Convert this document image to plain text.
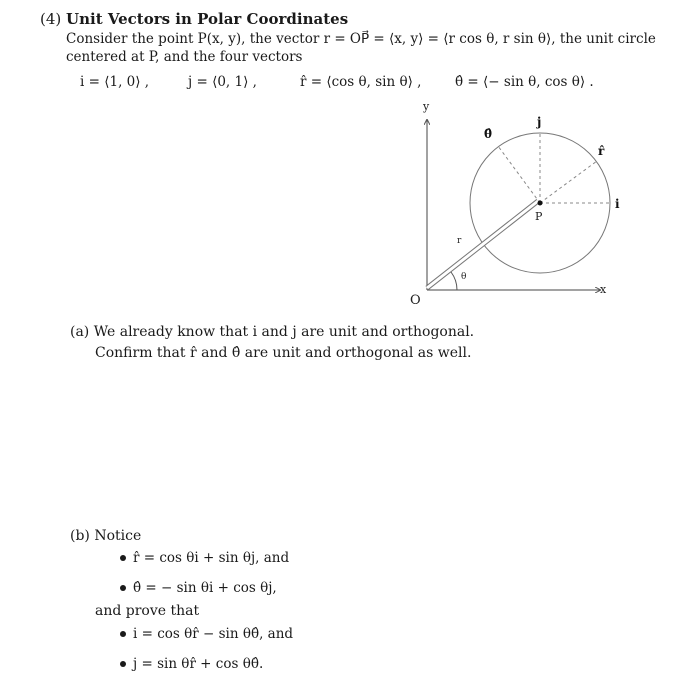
(4) Unit Vectors in Polar Coordinates
Consider the point P(x, y), the vector r = OP⃗ = ⟨x, y⟩ = ⟨r cos θ, r sin θ⟩, the unit circle
centered at P, and the four vectors
i = ⟨1, 0⟩ ,	j = ⟨0, 1⟩ ,	r̂ = ⟨cos θ, sin θ⟩ , θ̂ = ⟨− sin θ, cos θ⟩ .
y
x
O
P
r
θ
i
j
r̂
θ̂
(a) We already know that i and j are unit and orthogonal.
Confirm that r̂ and θ̂ are unit and orthogonal as well.
(b) Notice
r̂ = cos θi + sin θj, and
θ̂ = − sin θi + cos θj,
and prove that
i = cos θr̂ − sin θθ̂, and
j = sin θr̂ + cos θθ̂.
